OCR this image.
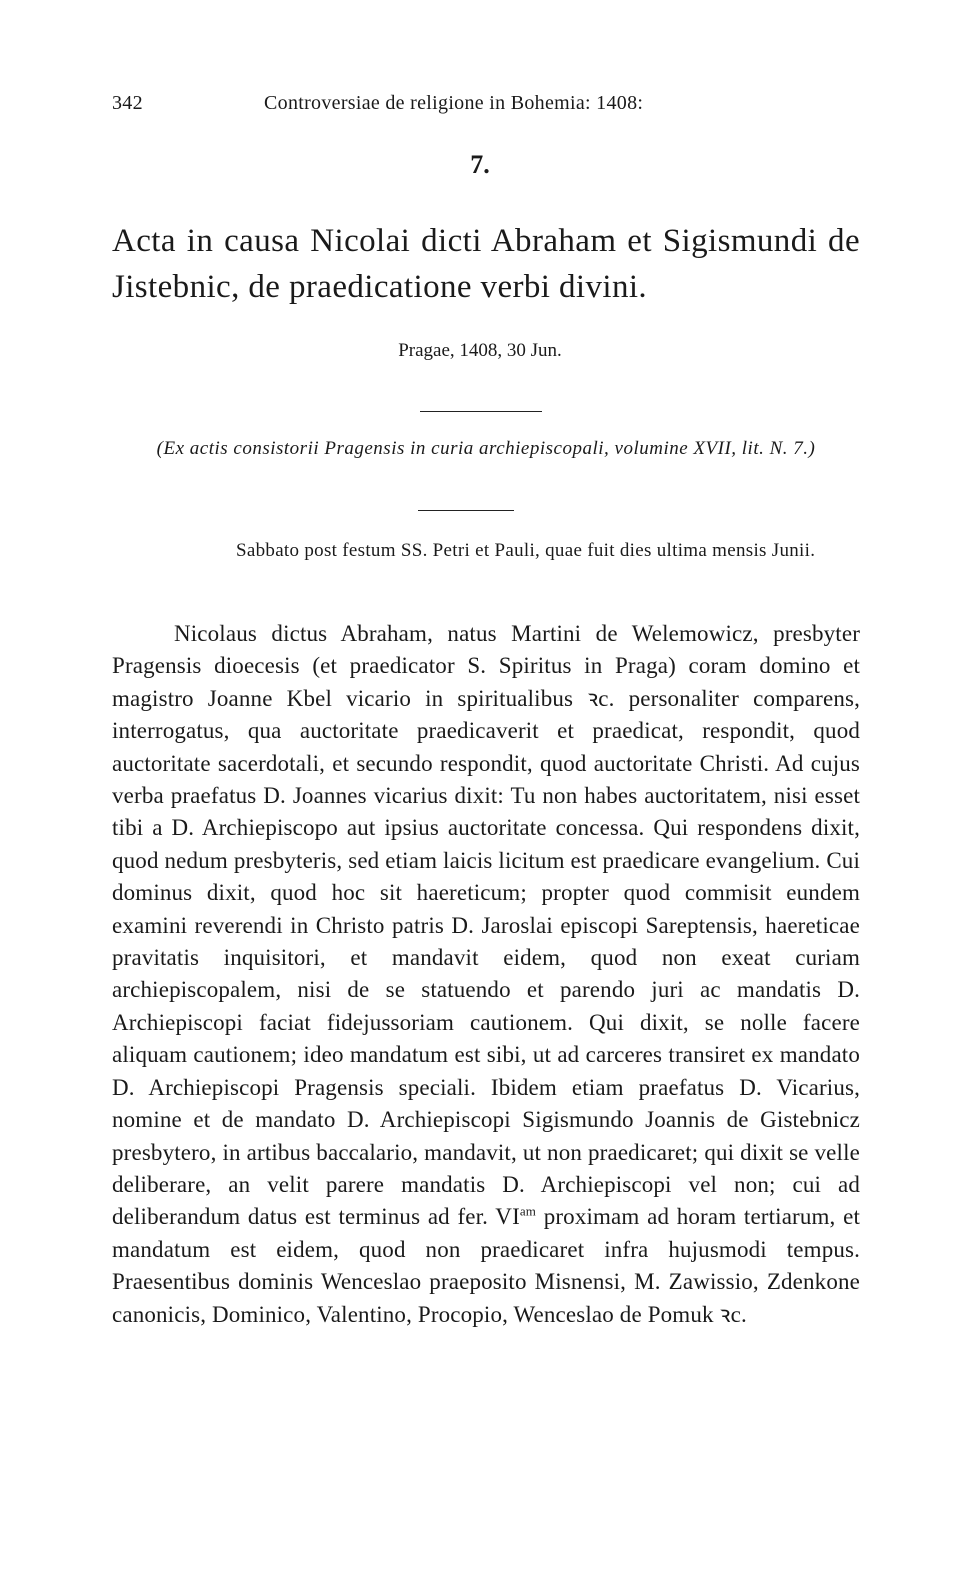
342	Controversiae de religione in Bohemia: 1408:
7.
Acta in causa Nicolai dicti Abraham et Sigismundi de Jistebnic, de praedicatione verbi divini.
Pragae, 1408, 30 Jun.
(Ex actis consistorii Pragensis in curia archiepiscopali, volumine XVII, lit. N. 7.)
Sabbato post festum SS. Petri et Pauli, quae fuit dies ultima mensis Junii.
Nicolaus dictus Abraham, natus Martini de Welemowicz, presbyter Pragensis dioecesis (et praedicator S. Spiritus in Praga) coram domino et magistro Joanne Kbel vicario in spiritualibus ꝛc. personaliter comparens, interrogatus, qua auctoritate praedicaverit et praedicat, respondit, quod auctoritate sacerdotali, et secundo respondit, quod auctoritate Christi. Ad cujus verba praefatus D. Joannes vicarius dixit: Tu non habes auctoritatem, nisi esset tibi a D. Archiepiscopo aut ipsius auctoritate concessa. Qui respondens dixit, quod nedum presbyteris, sed etiam laicis licitum est praedicare evangelium. Cui dominus dixit, quod hoc sit haereticum; propter quod commisit eundem examini reverendi in Christo patris D. Jaroslai episcopi Sareptensis, haereticae pravitatis inquisitori, et mandavit eidem, quod non exeat curiam archiepiscopalem, nisi de se statuendo et parendo juri ac mandatis D. Archiepiscopi faciat fidejussoriam cautionem. Qui dixit, se nolle facere aliquam cautionem; ideo mandatum est sibi, ut ad carceres transiret ex mandato D. Archiepiscopi Pragensis speciali. Ibidem etiam praefatus D. Vicarius, nomine et de mandato D. Archiepiscopi Sigismundo Joannis de Gistebnicz presbytero, in artibus baccalario, mandavit, ut non praedicaret; qui dixit se velle deliberare, an velit parere mandatis D. Archiepiscopi vel non; cui ad deliberandum datus est terminus ad fer. $VI^{am}$ proximam ad horam tertiarum, et mandatum est eidem, quod non praedicaret infra hujusmodi tempus. Praesentibus dominis Wenceslao praeposito Misnensi, M. Zawissio, Zdenkone canonicis, Dominico, Valentino, Procopio, Wenceslao de Pomuk ꝛc.
